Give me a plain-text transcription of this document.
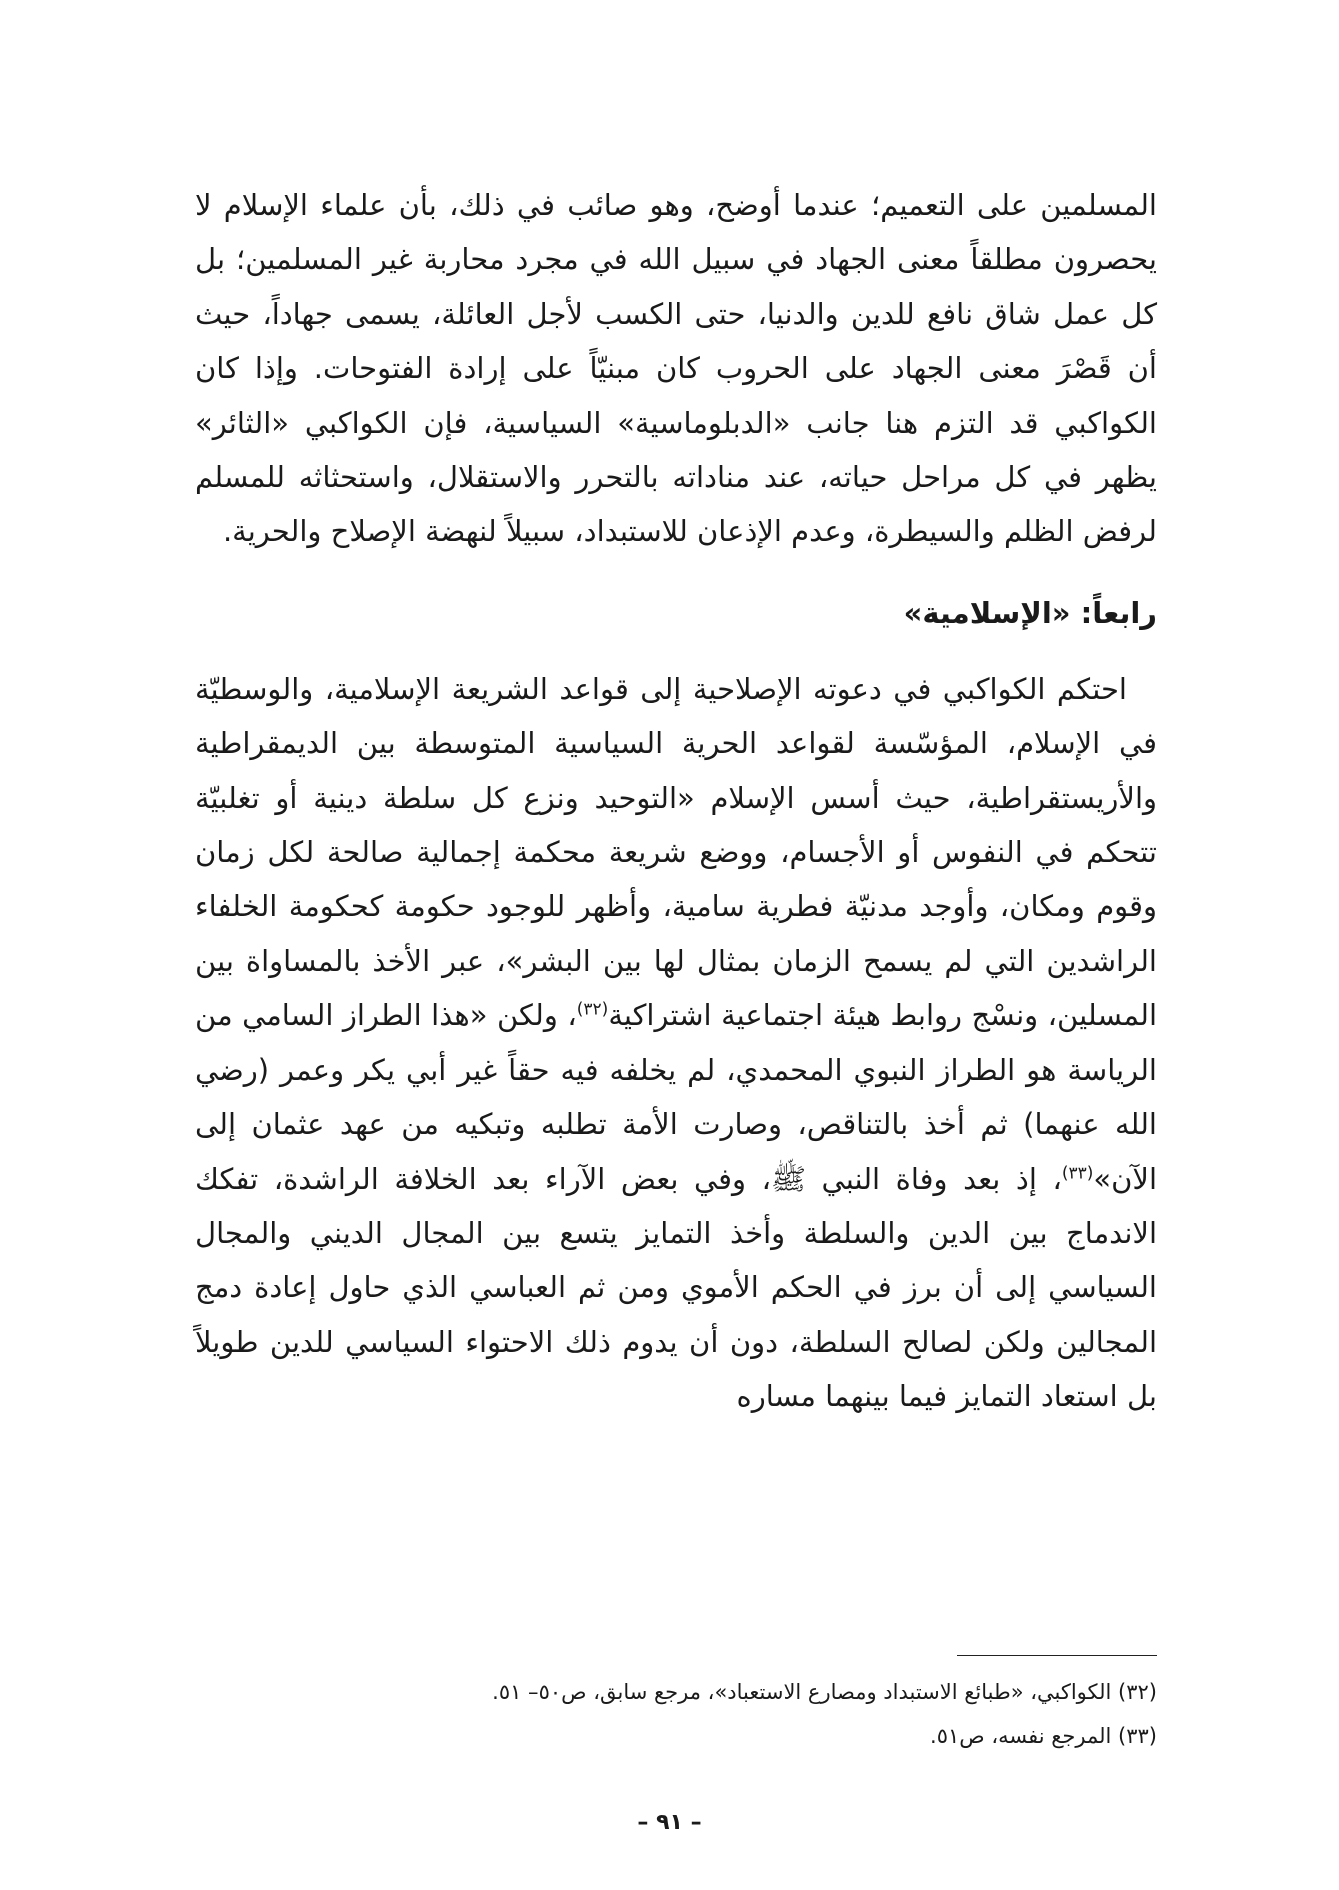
المسلمين على التعميم؛ عندما أوضح، وهو صائب في ذلك، بأن علماء الإسلام لا يحصرون مطلقاً معنى الجهاد في سبيل الله في مجرد محاربة غير المسلمين؛ بل كل عمل شاق نافع للدين والدنيا، حتى الكسب لأجل العائلة، يسمى جهاداً، حيث أن قَصْرَ معنى الجهاد على الحروب كان مبنيّاً على إرادة الفتوحات. وإذا كان الكواكبي قد التزم هنا جانب «الدبلوماسية» السياسية، فإن الكواكبي «الثائر» يظهر في كل مراحل حياته، عند مناداته بالتحرر والاستقلال، واستحثاثه للمسلم لرفض الظلم والسيطرة، وعدم الإذعان للاستبداد، سبيلاً لنهضة الإصلاح والحرية.

رابعاً: «الإسلامية»

احتكم الكواكبي في دعوته الإصلاحية إلى قواعد الشريعة الإسلامية، والوسطيّة في الإسلام، المؤسّسة لقواعد الحرية السياسية المتوسطة بين الديمقراطية والأريستقراطية، حيث أسس الإسلام «التوحيد ونزع كل سلطة دينية أو تغلبيّة تتحكم في النفوس أو الأجسام، ووضع شريعة محكمة إجمالية صالحة لكل زمان وقوم ومكان، وأوجد مدنيّة فطرية سامية، وأظهر للوجود حكومة كحكومة الخلفاء الراشدين التي لم يسمح الزمان بمثال لها بين البشر»، عبر الأخذ بالمساواة بين المسلين، ونسْج روابط هيئة اجتماعية اشتراكية$^{(٣٢)}$، ولكن «هذا الطراز السامي من الرياسة هو الطراز النبوي المحمدي، لم يخلفه فيه حقاً غير أبي يكر وعمر (رضي الله عنهما) ثم أخذ بالتناقص، وصارت الأمة تطلبه وتبكيه من عهد عثمان إلى الآن»$^{(٣٣)}$، إذ بعد وفاة النبي ﷺ، وفي بعض الآراء بعد الخلافة الراشدة، تفكك الاندماج بين الدين والسلطة وأخذ التمايز يتسع بين المجال الديني والمجال السياسي إلى أن برز في الحكم الأموي ومن ثم العباسي الذي حاول إعادة دمج المجالين ولكن لصالح السلطة، دون أن يدوم ذلك الاحتواء السياسي للدين طويلاً بل استعاد التمايز فيما بينهما مساره

(٣٢) الكواكبي، «طبائع الاستبداد ومصارع الاستعباد»، مرجع سابق، ص٥٠– ٥١.

(٣٣) المرجع نفسه، ص٥١.

– ٩١ –
